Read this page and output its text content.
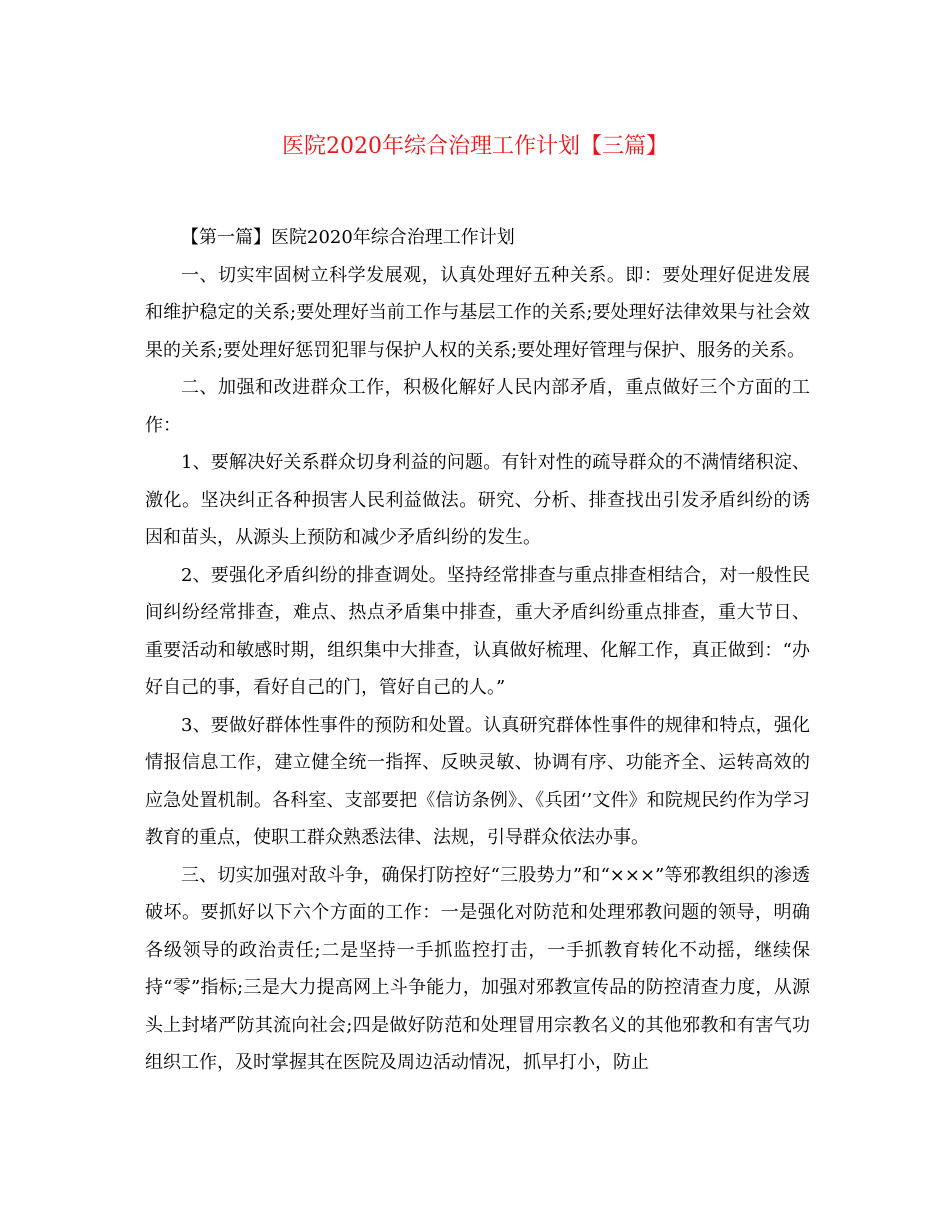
医院2020年综合治理工作计划【三篇】

【第一篇】医院2020年综合治理工作计划

一、切实牢固树立科学发展观，认真处理好五种关系。即：要处理好促进发展和维护稳定的关系;要处理好当前工作与基层工作的关系;要处理好法律效果与社会效果的关系;要处理好惩罚犯罪与保护人权的关系;要处理好管理与保护、服务的关系。

二、加强和改进群众工作，积极化解好人民内部矛盾，重点做好三个方面的工作：

1、要解决好关系群众切身利益的问题。有针对性的疏导群众的不满情绪积淀、激化。坚决纠正各种损害人民利益做法。研究、分析、排查找出引发矛盾纠纷的诱因和苗头，从源头上预防和减少矛盾纠纷的发生。

2、要强化矛盾纠纷的排查调处。坚持经常排查与重点排查相结合，对一般性民间纠纷经常排查，难点、热点矛盾集中排查，重大矛盾纠纷重点排查，重大节日、重要活动和敏感时期，组织集中大排查，认真做好梳理、化解工作，真正做到：“办好自己的事，看好自己的门，管好自己的人。”

3、要做好群体性事件的预防和处置。认真研究群体性事件的规律和特点，强化情报信息工作，建立健全统一指挥、反映灵敏、协调有序、功能齐全、运转高效的应急处置机制。各科室、支部要把《信访条例》、《兵团‘’文件》和院规民约作为学习教育的重点，使职工群众熟悉法律、法规，引导群众依法办事。

三、切实加强对敌斗争，确保打防控好“三股势力”和“×××”等邪教组织的渗透破坏。要抓好以下六个方面的工作：一是强化对防范和处理邪教问题的领导，明确各级领导的政治责任;二是坚持一手抓监控打击，一手抓教育转化不动摇，继续保持“零”指标;三是大力提高网上斗争能力，加强对邪教宣传品的防控清查力度，从源头上封堵严防其流向社会;四是做好防范和处理冒用宗教名义的其他邪教和有害气功组织工作，及时掌握其在医院及周边活动情况，抓早打小，防止
